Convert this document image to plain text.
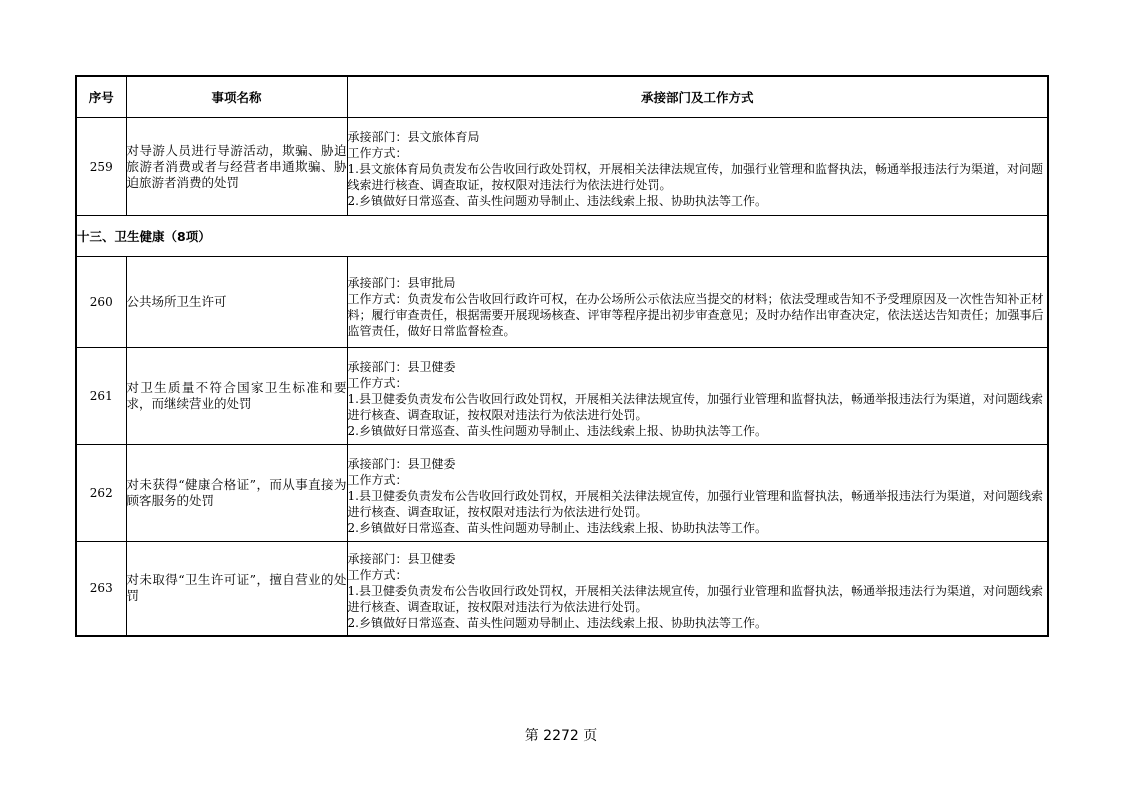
序号	事项名称	承接部门及工作方式
259	对导游人员进行导游活动，欺骗、胁迫旅游者消费或者与经营者串通欺骗、胁迫旅游者消费的处罚	承接部门：县文旅体育局
工作方式：
1.县文旅体育局负责发布公告收回行政处罚权，开展相关法律法规宣传，加强行业管理和监督执法，畅通举报违法行为渠道，对问题线索进行核查、调查取证，按权限对违法行为依法进行处罚。
2.乡镇做好日常巡查、苗头性问题劝导制止、违法线索上报、协助执法等工作。

十三、卫生健康（8项）		
260	公共场所卫生许可	承接部门：县审批局
工作方式：负责发布公告收回行政许可权，在办公场所公示依法应当提交的材料；依法受理或告知不予受理原因及一次性告知补正材料；履行审查责任，根据需要开展现场核查、评审等程序提出初步审查意见；及时办结作出审查决定，依法送达告知责任；加强事后监管责任，做好日常监督检查。

261	对卫生质量不符合国家卫生标准和要求，而继续营业的处罚	承接部门：县卫健委
工作方式：
1.县卫健委负责发布公告收回行政处罚权，开展相关法律法规宣传，加强行业管理和监督执法，畅通举报违法行为渠道，对问题线索进行核查、调查取证，按权限对违法行为依法进行处罚。
2.乡镇做好日常巡查、苗头性问题劝导制止、违法线索上报、协助执法等工作。

262	对未获得“健康合格证”，而从事直接为顾客服务的处罚	承接部门：县卫健委
工作方式：
1.县卫健委负责发布公告收回行政处罚权，开展相关法律法规宣传，加强行业管理和监督执法，畅通举报违法行为渠道，对问题线索进行核查、调查取证，按权限对违法行为依法进行处罚。
2.乡镇做好日常巡查、苗头性问题劝导制止、违法线索上报、协助执法等工作。

263	对未取得“卫生许可证”，擅自营业的处罚	承接部门：县卫健委
工作方式：
1.县卫健委负责发布公告收回行政处罚权，开展相关法律法规宣传，加强行业管理和监督执法，畅通举报违法行为渠道，对问题线索进行核查、调查取证，按权限对违法行为依法进行处罚。
2.乡镇做好日常巡查、苗头性问题劝导制止、违法线索上报、协助执法等工作。
第 2272 页
